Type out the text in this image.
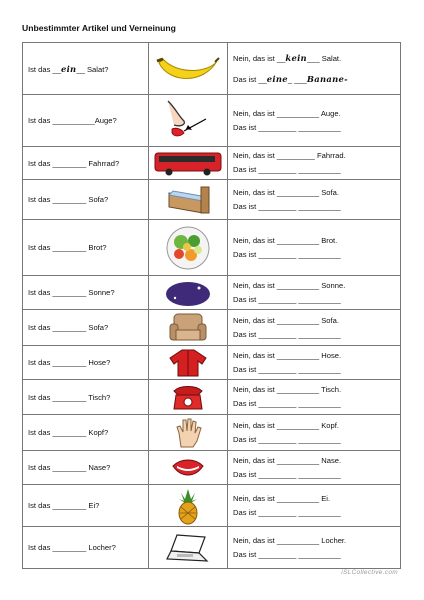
Unbestimmter Artikel und Verneinung
Ist das __ein__ Salat?		Nein, das ist __kein___ Salat.
Das ist __eine_ ___Banane-

Ist das __________Auge?		Nein, das ist __________ Auge.
Das ist _________ __________

Ist das ________ Fahrrad?		Nein, das ist _________ Fahrrad.
Das ist _________ __________

Ist das ________ Sofa?		Nein, das ist __________ Sofa.
Das ist _________ __________

Ist das ________ Brot?		Nein, das ist __________ Brot.
Das ist _________ __________

Ist das ________ Sonne?		Nein, das ist __________ Sonne.
Das ist _________ __________

Ist das ________ Sofa?		Nein, das ist __________ Sofa.
Das ist _________ __________

Ist das ________ Hose?		Nein, das ist __________ Hose.
Das ist _________ __________

Ist das ________ Tisch?		Nein, das ist __________ Tisch.
Das ist _________ __________

Ist das ________ Kopf?		Nein, das ist __________ Kopf.
Das ist _________ __________

Ist das ________ Nase?		Nein, das ist __________ Nase.
Das ist _________ __________

Ist das ________ Ei?		Nein, das ist __________ Ei.
Das ist _________ __________

Ist das ________ Locher?		Nein, das ist __________ Locher.
Das ist _________ __________
iSLCollective.com
